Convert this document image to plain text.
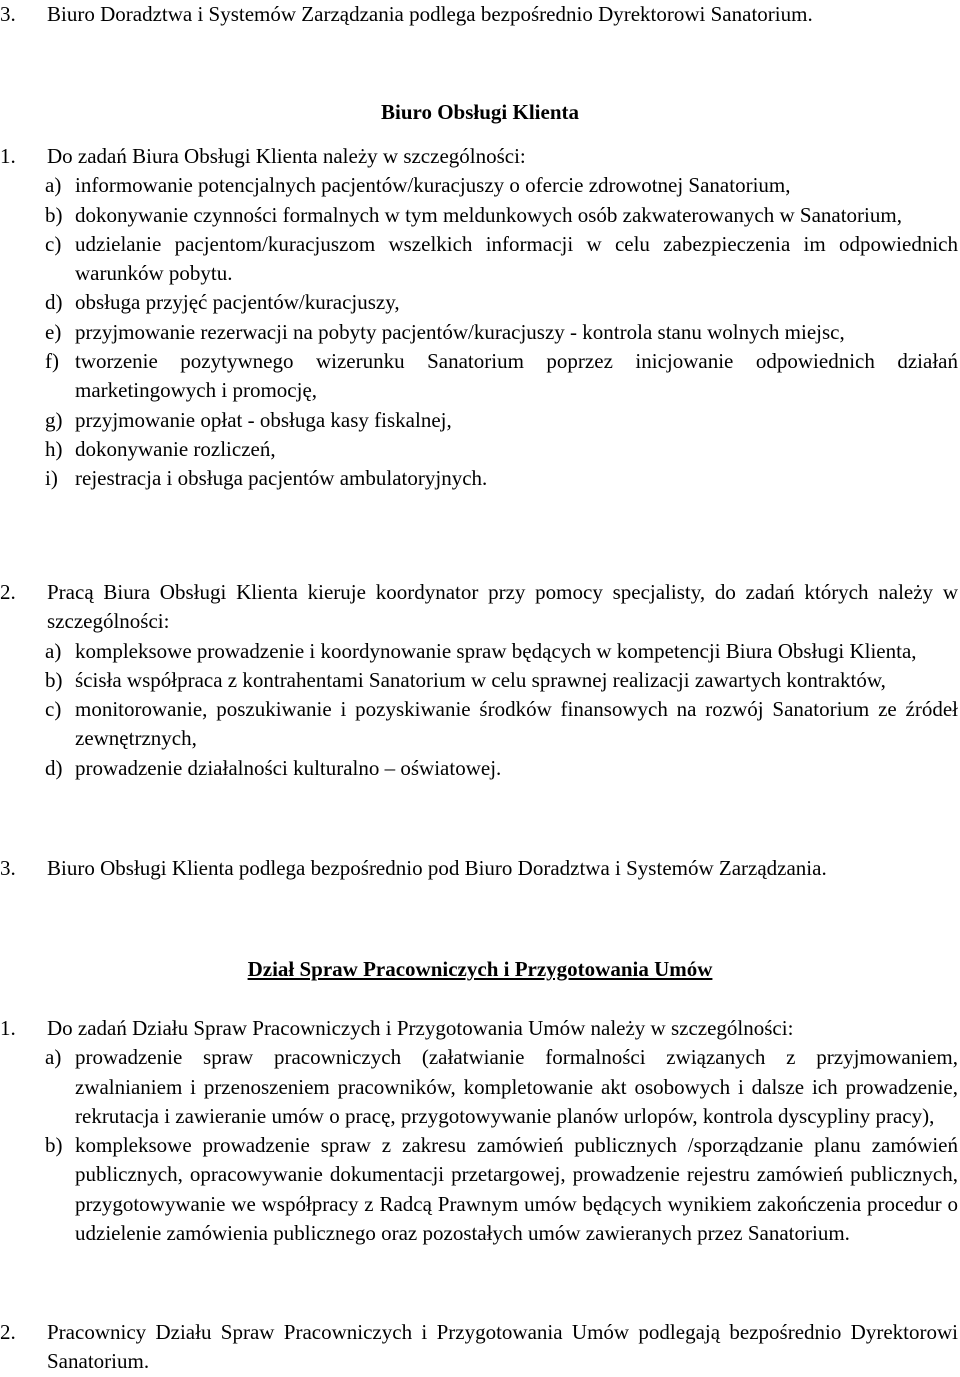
3. Biuro Doradztwa i Systemów Zarządzania podlega bezpośrednio Dyrektorowi Sanatorium.
Biuro Obsługi Klienta
1. Do zadań Biura Obsługi Klienta należy w szczególności:
a) informowanie potencjalnych pacjentów/kuracjuszy o ofercie zdrowotnej Sanatorium,
b) dokonywanie czynności formalnych w tym meldunkowych osób zakwaterowanych w Sanatorium,
c) udzielanie pacjentom/kuracjuszom wszelkich informacji w celu zabezpieczenia im odpowiednich warunków pobytu.
d) obsługa przyjęć pacjentów/kuracjuszy,
e) przyjmowanie rezerwacji na pobyty pacjentów/kuracjuszy - kontrola stanu wolnych miejsc,
f) tworzenie pozytywnego wizerunku Sanatorium poprzez inicjowanie odpowiednich działań marketingowych i promocję,
g) przyjmowanie opłat - obsługa kasy fiskalnej,
h) dokonywanie rozliczeń,
i) rejestracja i obsługa pacjentów ambulatoryjnych.
2. Pracą Biura Obsługi Klienta kieruje koordynator przy pomocy specjalisty, do zadań których należy w szczególności:
a) kompleksowe prowadzenie i koordynowanie spraw będących w kompetencji Biura Obsługi Klienta,
b) ścisła współpraca z kontrahentami Sanatorium w celu sprawnej realizacji zawartych kontraktów,
c) monitorowanie, poszukiwanie i pozyskiwanie środków finansowych na rozwój Sanatorium ze źródeł zewnętrznych,
d) prowadzenie działalności kulturalno – oświatowej.
3. Biuro Obsługi Klienta podlega bezpośrednio pod Biuro Doradztwa i Systemów Zarządzania.
Dział Spraw Pracowniczych i Przygotowania Umów
1. Do zadań Działu Spraw Pracowniczych i Przygotowania Umów należy w szczególności:
a) prowadzenie spraw pracowniczych (załatwianie formalności związanych z przyjmowaniem, zwalnianiem i przenoszeniem pracowników, kompletowanie akt osobowych i dalsze ich prowadzenie, rekrutacja i zawieranie umów o pracę, przygotowywanie planów urlopów, kontrola dyscypliny pracy),
b) kompleksowe prowadzenie spraw z zakresu zamówień publicznych /sporządzanie planu zamówień publicznych, opracowywanie dokumentacji przetargowej, prowadzenie rejestru zamówień publicznych, przygotowywanie we współpracy z Radcą Prawnym umów będących wynikiem zakończenia procedur o udzielenie zamówienia publicznego oraz pozostałych umów zawieranych przez Sanatorium.
2. Pracownicy Działu Spraw Pracowniczych i Przygotowania Umów podlegają bezpośrednio Dyrektorowi Sanatorium.
